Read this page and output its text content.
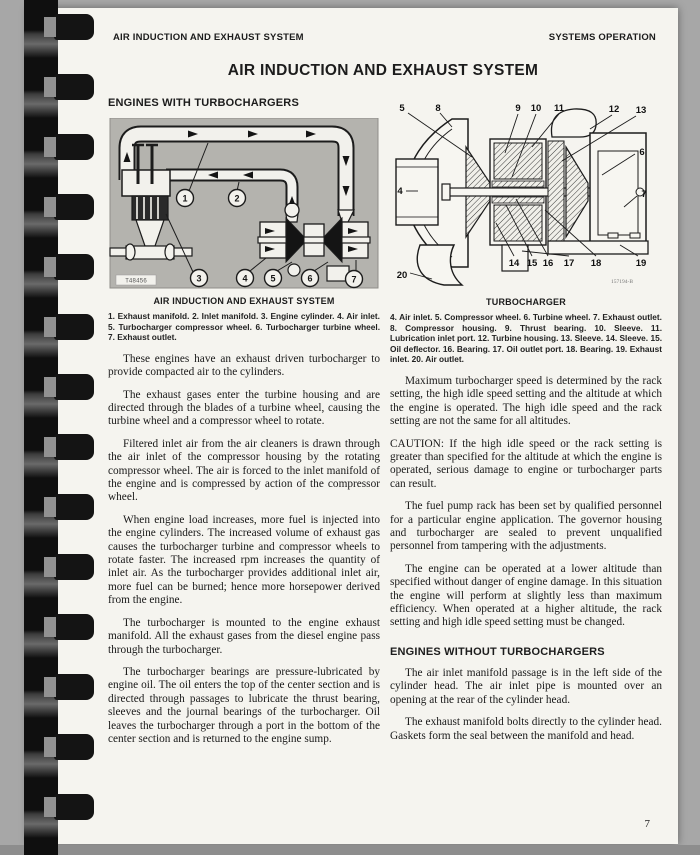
AIR INDUCTION AND EXHAUST SYSTEM	SYSTEMS OPERATION
AIR INDUCTION AND EXHAUST SYSTEM
ENGINES WITH TURBOCHARGERS
1	2
3	4	5	6	7
T48456
AIR INDUCTION AND EXHAUST SYSTEM
1. Exhaust manifold. 2. Inlet manifold. 3. Engine cylinder. 4. Air inlet. 5. Turbocharger compressor wheel. 6. Turbocharger turbine wheel. 7. Exhaust outlet.

These engines have an exhaust driven turbocharger to provide compacted air to the cylinders.

The exhaust gases enter the turbine housing and are directed through the blades of a turbine wheel, causing the turbine wheel and a compressor wheel to rotate.

Filtered inlet air from the air cleaners is drawn through the air inlet of the compressor housing by the rotating compressor wheel. The air is forced to the inlet manifold of the engine and is compressed by action of the compressor wheel.

When engine load increases, more fuel is injected into the engine cylinders. The increased volume of exhaust gas causes the turbocharger turbine and compressor wheels to rotate faster. The increased rpm increases the quantity of inlet air. As the turbocharger provides additional inlet air, more fuel can be burned; hence more horsepower derived from the engine.

The turbocharger is mounted to the engine exhaust manifold. All the exhaust gases from the diesel engine pass through the turbocharger.

The turbocharger bearings are pressure-lubricated by engine oil. The oil enters the top of the center section and is directed through passages to lubricate the thrust bearing, sleeves and the journal bearings of the turbocharger. Oil leaves the turbocharger through a port in the bottom of the center section and is returned to the engine sump.

5	8	9 10 11	12 13
4
6
7
14 15 16 17 18	19
20
157194-B
TURBOCHARGER
4. Air inlet. 5. Compressor wheel. 6. Turbine wheel. 7. Exhaust outlet. 8. Compressor housing. 9. Thrust bearing. 10. Sleeve. 11. Lubrication inlet port. 12. Turbine housing. 13. Sleeve. 14. Sleeve. 15. Oil deflector. 16. Bearing. 17. Oil outlet port. 18. Bearing. 19. Exhaust inlet. 20. Air outlet.

Maximum turbocharger speed is determined by the rack setting, the high idle speed setting and the altitude at which the engine is operated. The high idle speed and the rack setting are not the same for all altitudes.

CAUTION: If the high idle speed or the rack setting is greater than specified for the altitude at which the engine is operated, serious damage to engine or turbocharger parts can result.

The fuel pump rack has been set by qualified personnel for a particular engine application. The governor housing and turbocharger are sealed to prevent unqualified personnel from tampering with the adjustments.

The engine can be operated at a lower altitude than specified without danger of engine damage. In this situation the engine will perform at slightly less than maximum efficiency. When operated at a higher altitude, the rack setting and high idle speed setting must be changed.

ENGINES WITHOUT TURBOCHARGERS

The air inlet manifold passage is in the left side of the cylinder head. The air inlet pipe is mounted over an opening at the rear of the cylinder head.

The exhaust manifold bolts directly to the cylinder head. Gaskets form the seal between the manifold and head.

7
